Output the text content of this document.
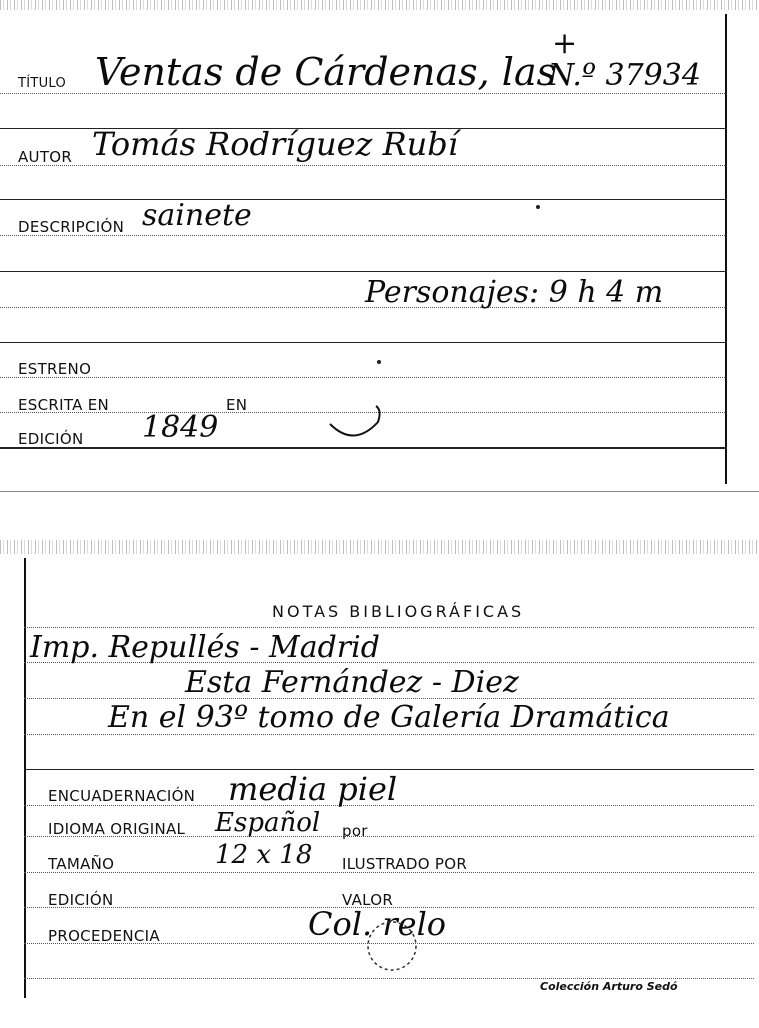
TÍTULO Ventas de Cárdenas, las
+
N.º 37934
AUTOR Tomás Rodríguez Rubí
DESCRIPCIÓN sainete
Personajes: 9 h 4 m
ESTRENO
ESCRITA EN	EN
EDICIÓN 1849
NOTAS BIBLIOGRÁFICAS
Imp. Repullés - Madrid
Esta Fernández - Diez
En el 93º tomo de Galería Dramática
ENCUADERNACIÓN media piel
IDIOMA ORIGINAL Español por
TAMAÑO	12 x 18 ILUSTRADO POR
EDICIÓN	VALOR
PROCEDENCIA	Col. relo
Colección Arturo Sedó
